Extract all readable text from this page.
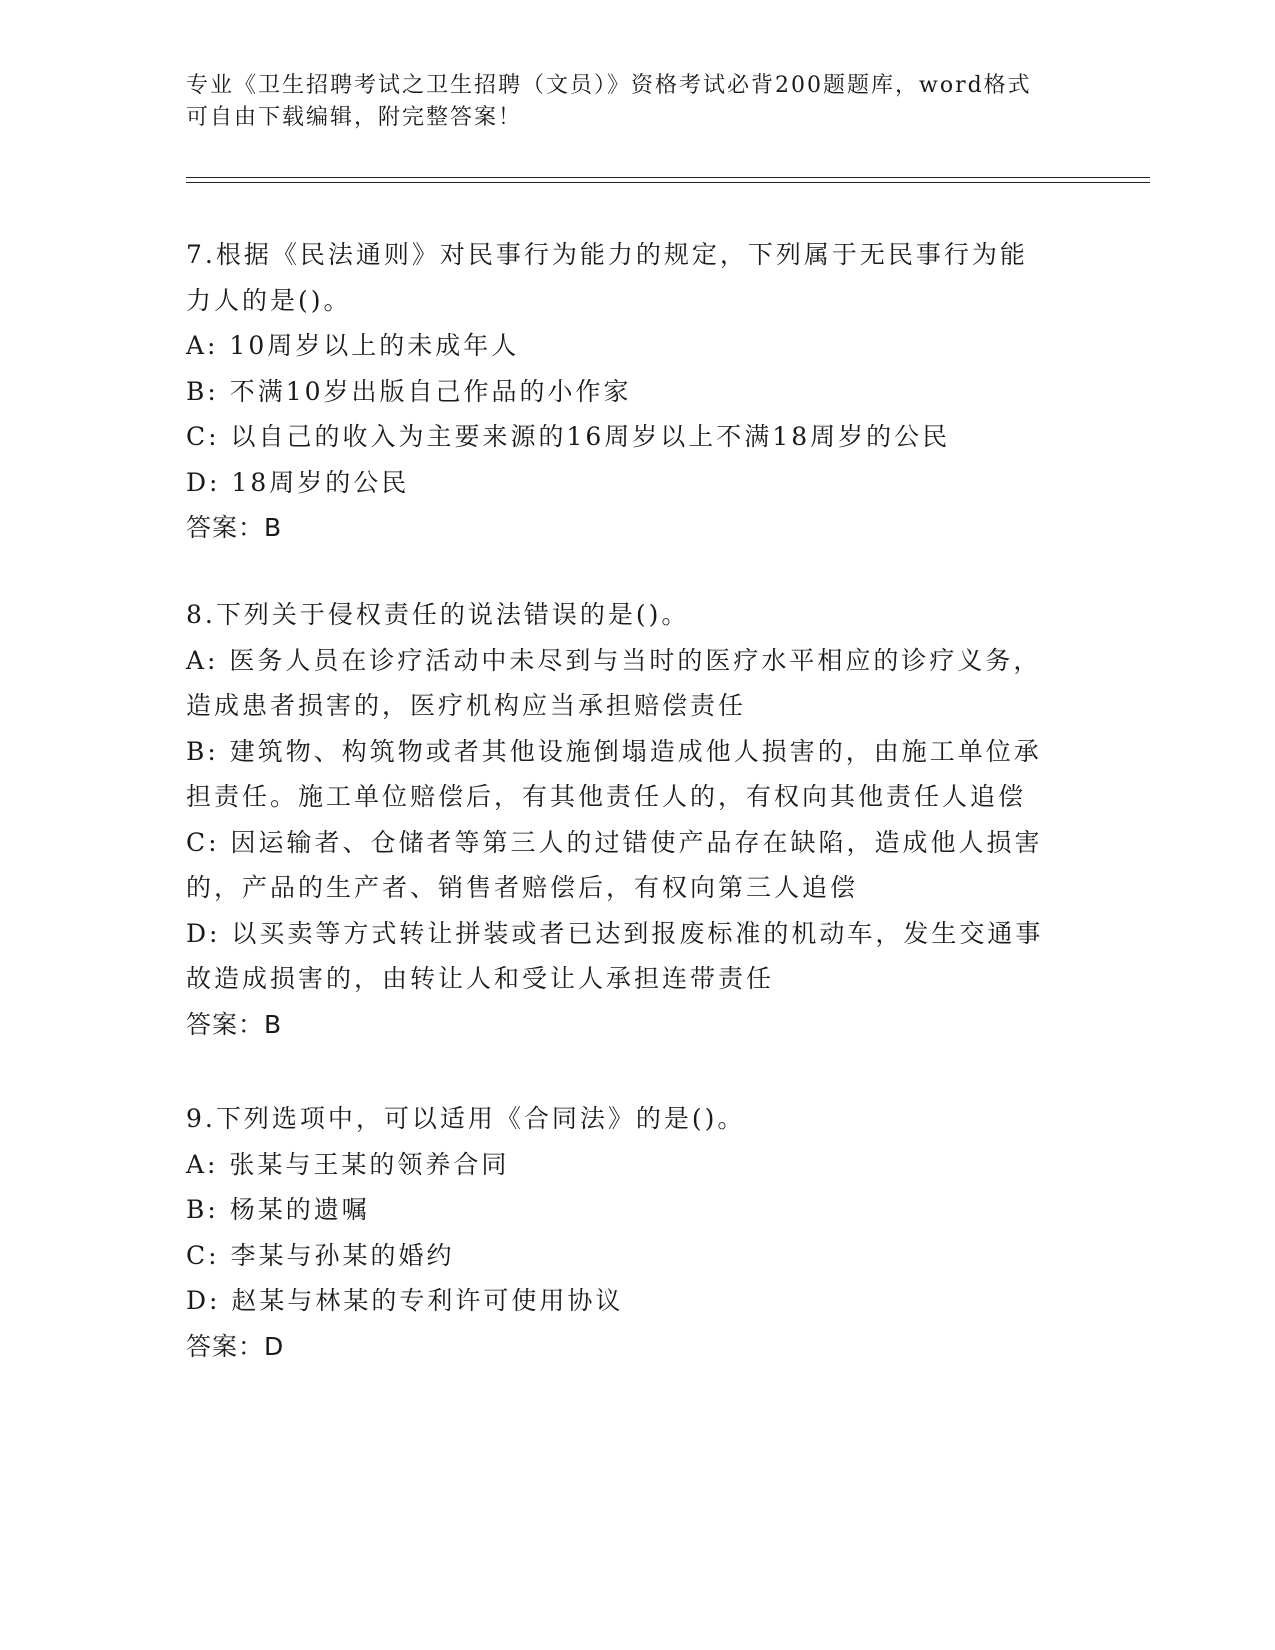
专业《卫生招聘考试之卫生招聘（文员）》资格考试必背200题题库，word格式
可自由下载编辑，附完整答案！

7.根据《民法通则》对民事行为能力的规定，下列属于无民事行为能

力人的是()。

A: 10周岁以上的未成年人

B: 不满10岁出版自己作品的小作家

C: 以自己的收入为主要来源的16周岁以上不满18周岁的公民

D: 18周岁的公民

答案：B

8.下列关于侵权责任的说法错误的是()。

A: 医务人员在诊疗活动中未尽到与当时的医疗水平相应的诊疗义务，

造成患者损害的，医疗机构应当承担赔偿责任

B: 建筑物、构筑物或者其他设施倒塌造成他人损害的，由施工单位承

担责任。施工单位赔偿后，有其他责任人的，有权向其他责任人追偿

C: 因运输者、仓储者等第三人的过错使产品存在缺陷，造成他人损害

的，产品的生产者、销售者赔偿后，有权向第三人追偿

D: 以买卖等方式转让拼装或者已达到报废标准的机动车，发生交通事

故造成损害的，由转让人和受让人承担连带责任

答案：B

9.下列选项中，可以适用《合同法》的是()。

A: 张某与王某的领养合同

B: 杨某的遗嘱

C: 李某与孙某的婚约

D: 赵某与林某的专利许可使用协议

答案：D
